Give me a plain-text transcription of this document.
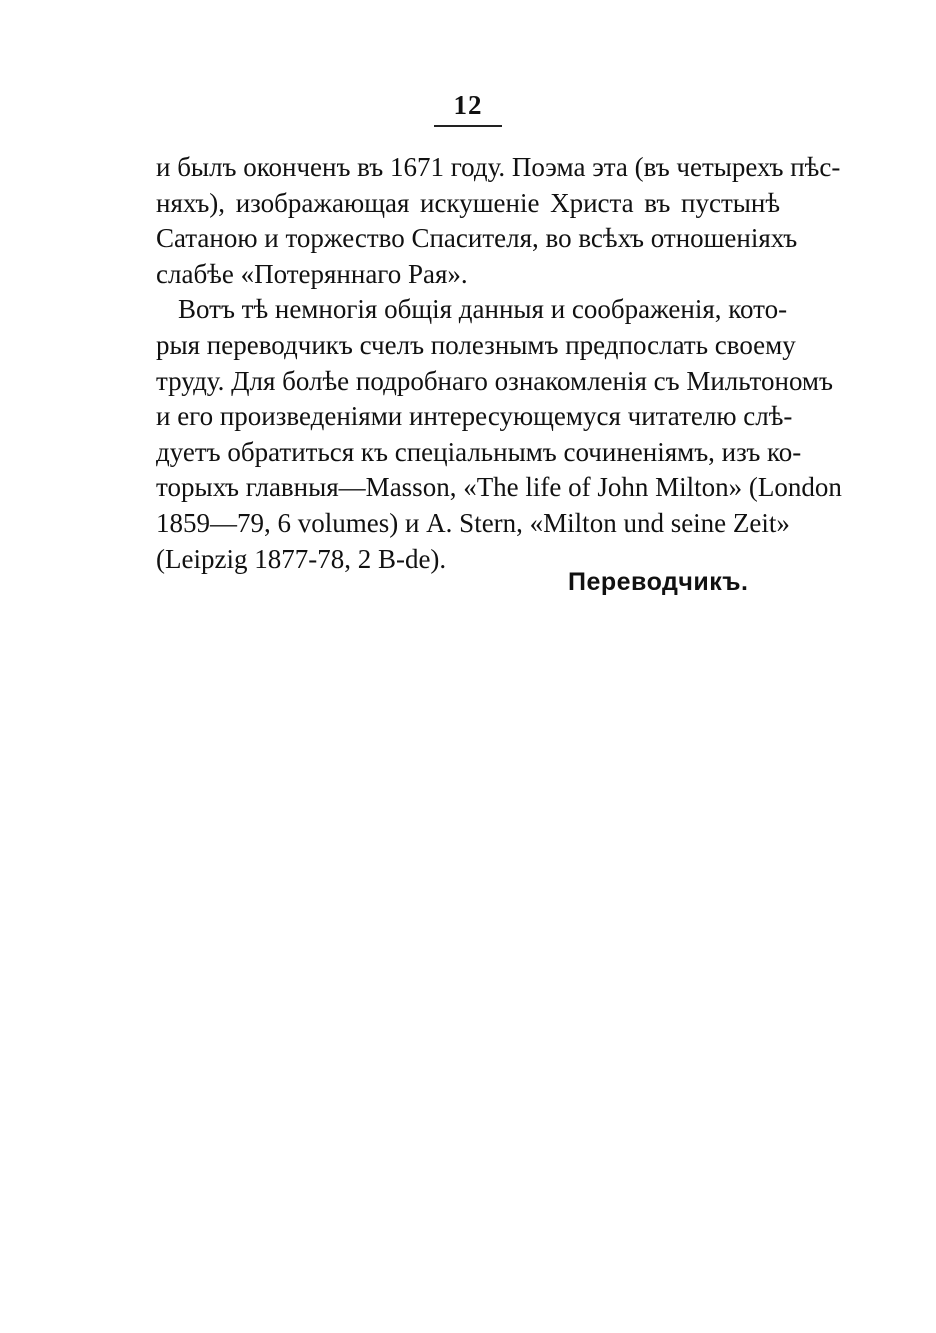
12
и былъ оконченъ въ 1671 году. Поэма эта (въ четырехъ пѣс-
няхъ), изображающая искушеніе Христа въ пустынѣ
Сатаною и торжество Спасителя, во всѣхъ отношеніяхъ
слабѣе «Потеряннаго Рая».
Вотъ тѣ немногія общія данныя и соображенія, кото-
рыя переводчикъ счелъ полезнымъ предпослать своему
труду. Для болѣе подробнаго ознакомленія съ Мильтономъ
и его произведеніями интересующемуся читателю слѣ-
дуетъ обратиться къ спеціальнымъ сочиненіямъ, изъ ко-
торыхъ главныя—Masson, «The life of John Milton» (London
1859—79, 6 volumes) и A. Stern, «Milton und seine Zeit»
(Leipzig 1877-78, 2 B-de).
Переводчикъ.
